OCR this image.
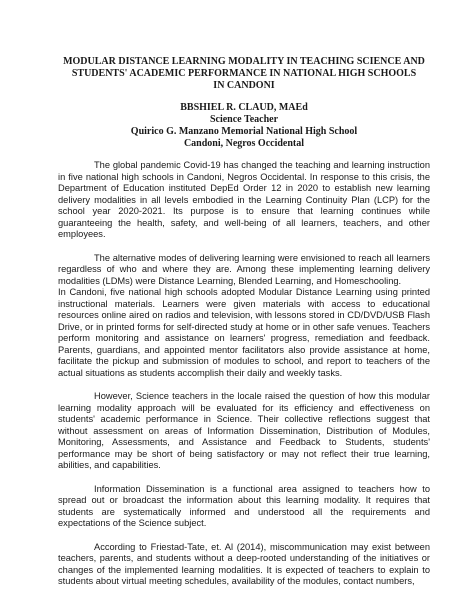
MODULAR DISTANCE LEARNING MODALITY IN TEACHING SCIENCE AND
STUDENTS' ACADEMIC PERFORMANCE IN NATIONAL HIGH SCHOOLS
IN CANDONI
BBSHIEL R. CLAUD, MAEd
Science Teacher
Quirico G. Manzano Memorial National High School
Candoni, Negros Occidental

The global pandemic Covid-19 has changed the teaching and learning instruction in five national high schools in Candoni, Negros Occidental. In response to this crisis, the Department of Education instituted DepEd Order 12 in 2020 to establish new learning delivery modalities in all levels embodied in the Learning Continuity Plan (LCP) for the school year 2020-2021. Its purpose is to ensure that learning continues while guaranteeing the health, safety, and well-being of all learners, teachers, and other employees.

The alternative modes of delivering learning were envisioned to reach all learners regardless of who and where they are. Among these implementing learning delivery modalities (LDMs) were Distance Learning, Blended Learning, and Homeschooling.

In Candoni, five national high schools adopted Modular Distance Learning using printed instructional materials. Learners were given materials with access to educational resources online aired on radios and television, with lessons stored in CD/DVD/USB Flash Drive, or in printed forms for self-directed study at home or in other safe venues. Teachers perform monitoring and assistance on learners' progress, remediation and feedback. Parents, guardians, and appointed mentor facilitators also provide assistance at home, facilitate the pickup and submission of modules to school, and report to teachers of the actual situations as students accomplish their daily and weekly tasks.

However, Science teachers in the locale raised the question of how this modular learning modality approach will be evaluated for its efficiency and effectiveness on students' academic performance in Science. Their collective reflections suggest that without assessment on areas of Information Dissemination, Distribution of Modules, Monitoring, Assessments, and Assistance and Feedback to Students, students' performance may be short of being satisfactory or may not reflect their true learning, abilities, and capabilities.

Information Dissemination is a functional area assigned to teachers how to spread out or broadcast the information about this learning modality. It requires that students are systematically informed and understood all the requirements and expectations of the Science subject.

According to Friestad-Tate, et. Al (2014), miscommunication may exist between teachers, parents, and students without a deep-rooted understanding of the initiatives or changes of the implemented learning modalities. It is expected of teachers to explain to students about virtual meeting schedules, availability of the modules, contact numbers,
